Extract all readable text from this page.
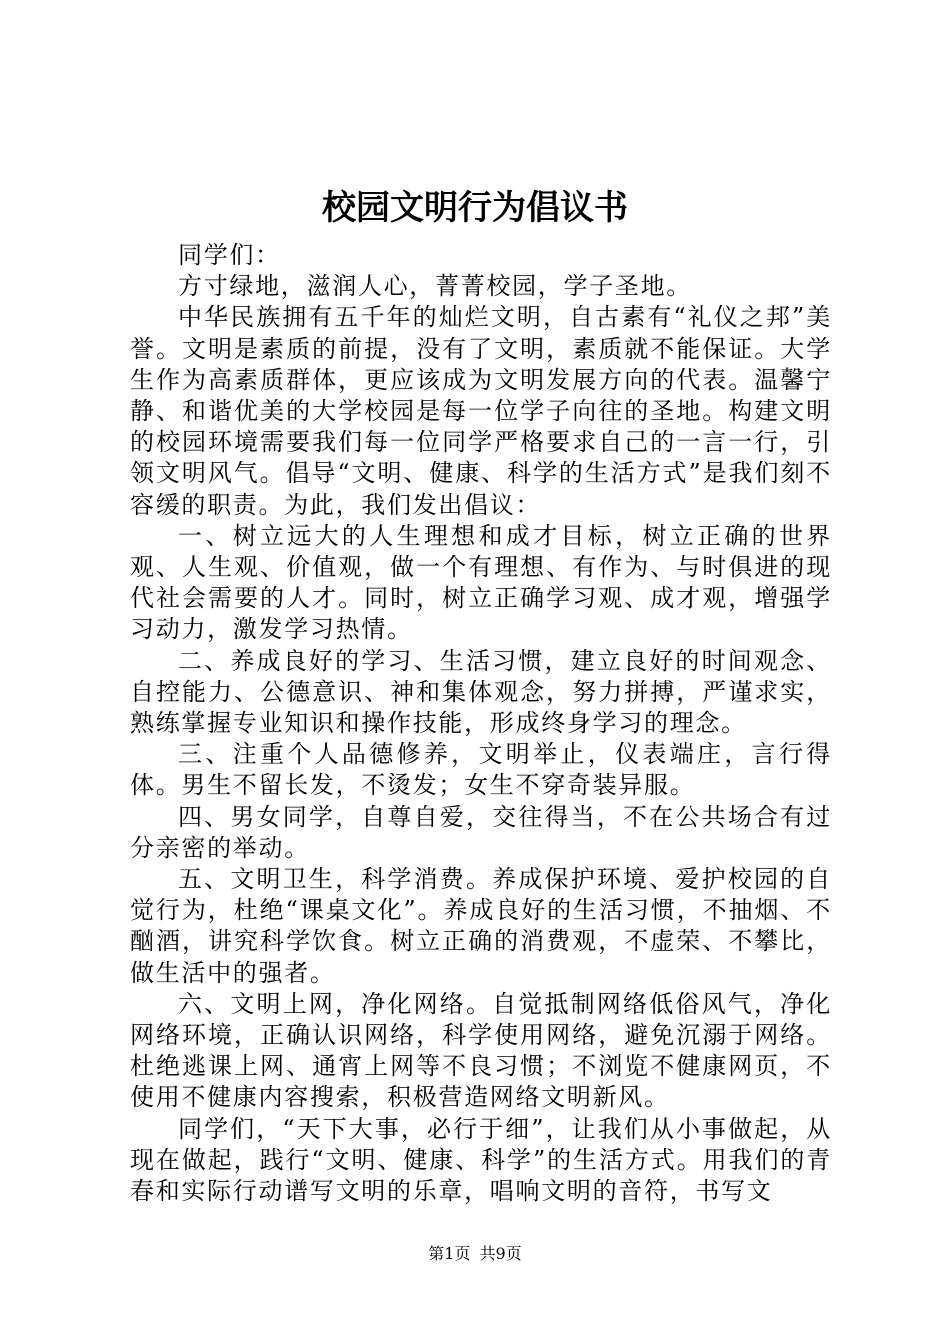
校园文明行为倡议书

同学们：

方寸绿地，滋润人心，菁菁校园，学子圣地。

中华民族拥有五千年的灿烂文明，自古素有“礼仪之邦”美誉。文明是素质的前提，没有了文明，素质就不能保证。大学生作为高素质群体，更应该成为文明发展方向的代表。温馨宁静、和谐优美的大学校园是每一位学子向往的圣地。构建文明的校园环境需要我们每一位同学严格要求自己的一言一行，引领文明风气。倡导“文明、健康、科学的生活方式”是我们刻不容缓的职责。为此，我们发出倡议：

一、树立远大的人生理想和成才目标，树立正确的世界观、人生观、价值观，做一个有理想、有作为、与时俱进的现代社会需要的人才。同时，树立正确学习观、成才观，增强学习动力，激发学习热情。

二、养成良好的学习、生活习惯，建立良好的时间观念、自控能力、公德意识、神和集体观念，努力拼搏，严谨求实，熟练掌握专业知识和操作技能，形成终身学习的理念。

三、注重个人品德修养，文明举止，仪表端庄，言行得体。男生不留长发，不烫发；女生不穿奇装异服。

四、男女同学，自尊自爱，交往得当，不在公共场合有过分亲密的举动。

五、文明卫生，科学消费。养成保护环境、爱护校园的自觉行为，杜绝“课桌文化”。养成良好的生活习惯，不抽烟、不酗酒，讲究科学饮食。树立正确的消费观，不虚荣、不攀比，做生活中的强者。

六、文明上网，净化网络。自觉抵制网络低俗风气，净化网络环境，正确认识网络，科学使用网络，避免沉溺于网络。杜绝逃课上网、通宵上网等不良习惯；不浏览不健康网页，不使用不健康内容搜索，积极营造网络文明新风。

同学们，“天下大事，必行于细”，让我们从小事做起，从现在做起，践行“文明、健康、科学”的生活方式。用我们的青春和实际行动谱写文明的乐章，唱响文明的音符，书写文

第1页 共9页
